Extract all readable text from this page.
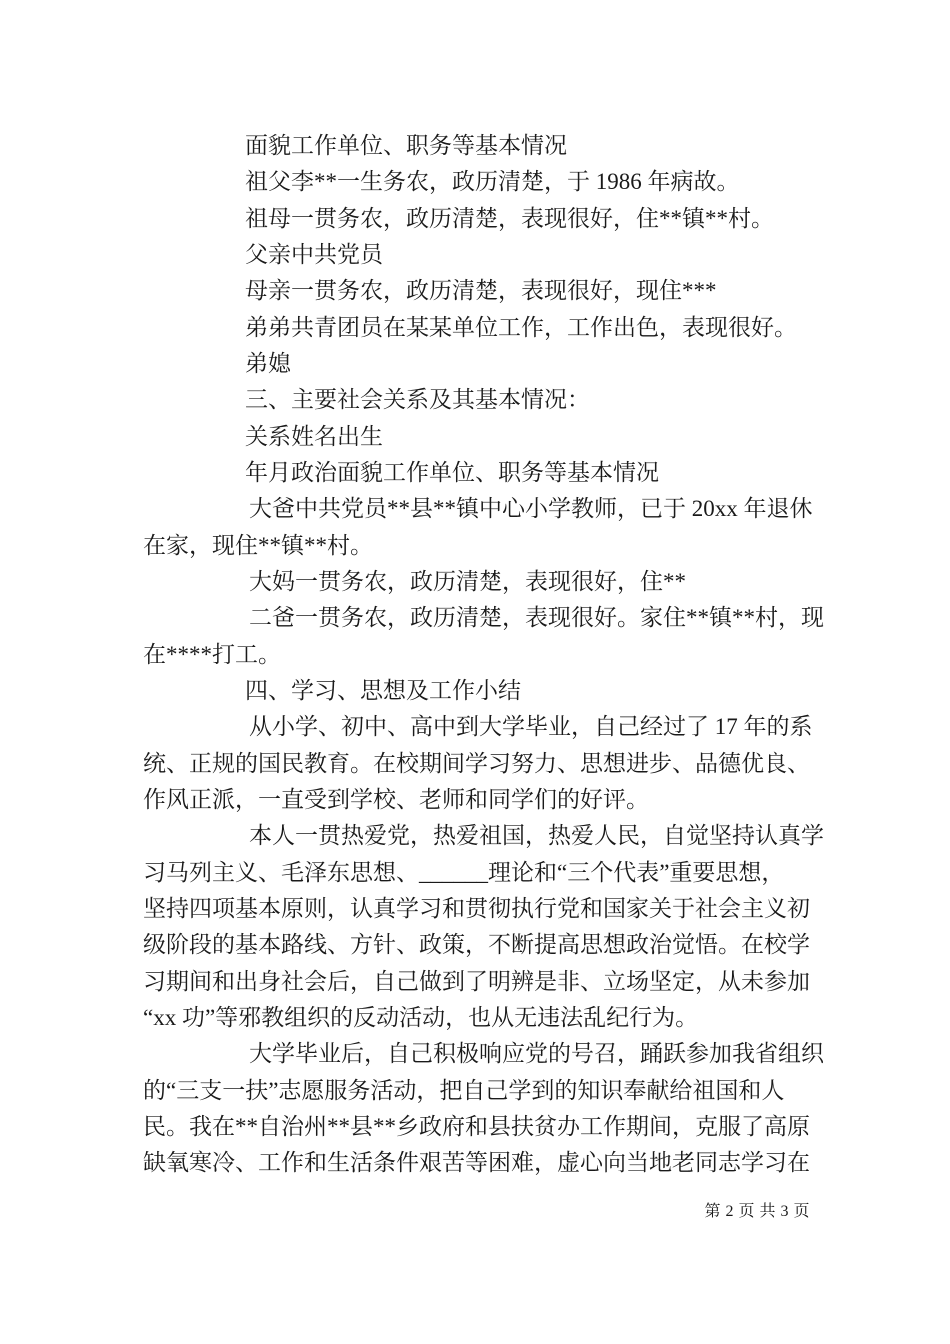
面貌工作单位、职务等基本情况
祖父李**一生务农，政历清楚，于 1986 年病故。
祖母一贯务农，政历清楚，表现很好，住**镇**村。
父亲中共党员
母亲一贯务农，政历清楚，表现很好，现住***
弟弟共青团员在某某单位工作，工作出色，表现很好。
弟媳
三、主要社会关系及其基本情况：
关系姓名出生
年月政治面貌工作单位、职务等基本情况
大爸中共党员**县**镇中心小学教师，已于 20xx 年退休
在家，现住**镇**村。
大妈一贯务农，政历清楚，表现很好，住**
二爸一贯务农，政历清楚，表现很好。家住**镇**村，现
在****打工。
四、学习、思想及工作小结
从小学、初中、高中到大学毕业，自己经过了 17 年的系
统、正规的国民教育。在校期间学习努力、思想进步、品德优良、
作风正派，一直受到学校、老师和同学们的好评。
本人一贯热爱党，热爱祖国，热爱人民，自觉坚持认真学
习马列主义、毛泽东思想、______理论和“三个代表”重要思想，
坚持四项基本原则，认真学习和贯彻执行党和国家关于社会主义初
级阶段的基本路线、方针、政策，不断提高思想政治觉悟。在校学
习期间和出身社会后，自己做到了明辨是非、立场坚定，从未参加
“xx 功”等邪教组织的反动活动，也从无违法乱纪行为。
大学毕业后，自己积极响应党的号召，踊跃参加我省组织
的“三支一扶”志愿服务活动，把自己学到的知识奉献给祖国和人
民。我在**自治州**县**乡政府和县扶贫办工作期间，克服了高原
缺氧寒冷、工作和生活条件艰苦等困难，虚心向当地老同志学习在
第 2 页 共 3 页
